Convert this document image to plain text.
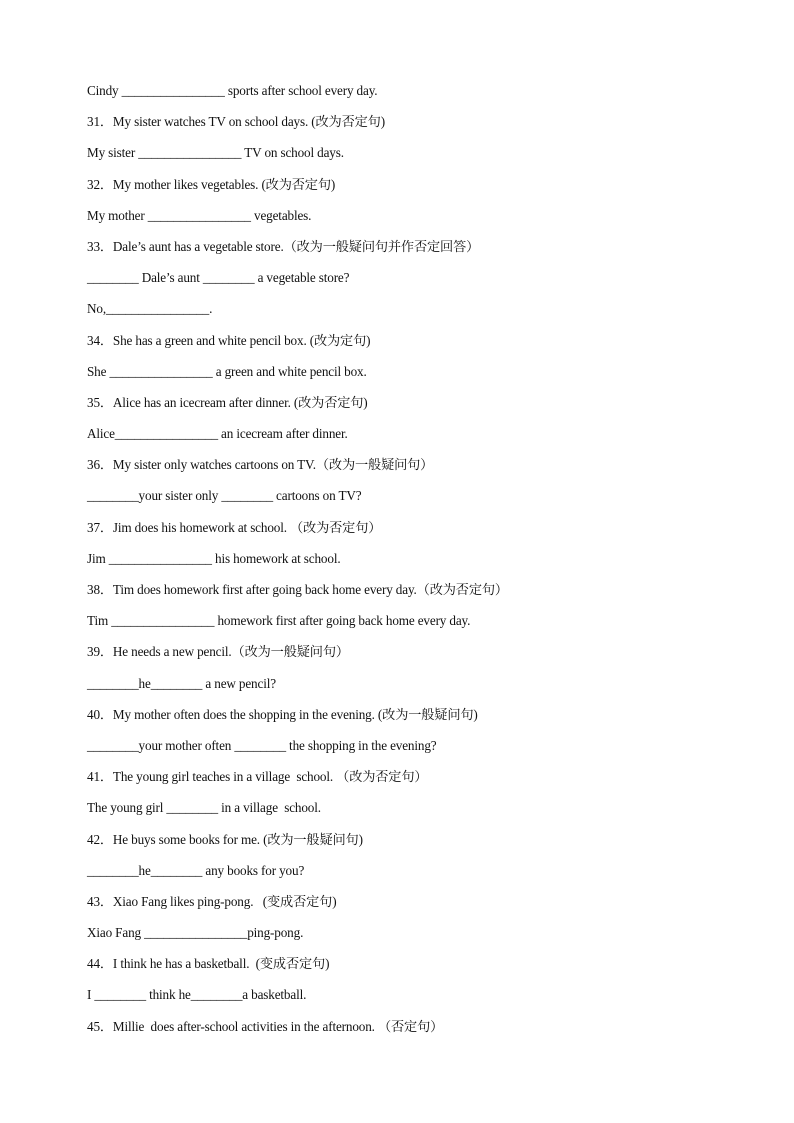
Cindy ________________ sports after school every day.
31．My sister watches TV on school days. (改为否定句)
My sister ________________ TV on school days.
32．My mother likes vegetables. (改为否定句)
My mother ________________ vegetables.
33．Dale’s aunt has a vegetable store.（改为一般疑问句并作否定回答）
________ Dale’s aunt ________ a vegetable store?
No,________________.
34．She has a green and white pencil box. (改为定句)
She ________________ a green and white pencil box.
35．Alice has an icecream after dinner. (改为否定句)
Alice________________ an icecream after dinner.
36．My sister only watches cartoons on TV.（改为一般疑问句）
________your sister only ________ cartoons on TV?
37．Jim does his homework at school. （改为否定句）
Jim ________________ his homework at school.
38．Tim does homework first after going back home every day.（改为否定句）
Tim ________________ homework first after going back home every day.
39．He needs a new pencil.（改为一般疑问句）
________he________ a new pencil?
40．My mother often does the shopping in the evening. (改为一般疑问句)
________your mother often ________ the shopping in the evening?
41．The young girl teaches in a village  school. （改为否定句）
The young girl ________ in a village  school.
42．He buys some books for me. (改为一般疑问句)
________he________ any books for you?
43．Xiao Fang likes ping-pong.   (变成否定句)
Xiao Fang ________________ping-pong.
44．I think he has a basketball.  (变成否定句)
I ________ think he________a basketball.
45．Millie  does after-school activities in the afternoon. （否定句）
